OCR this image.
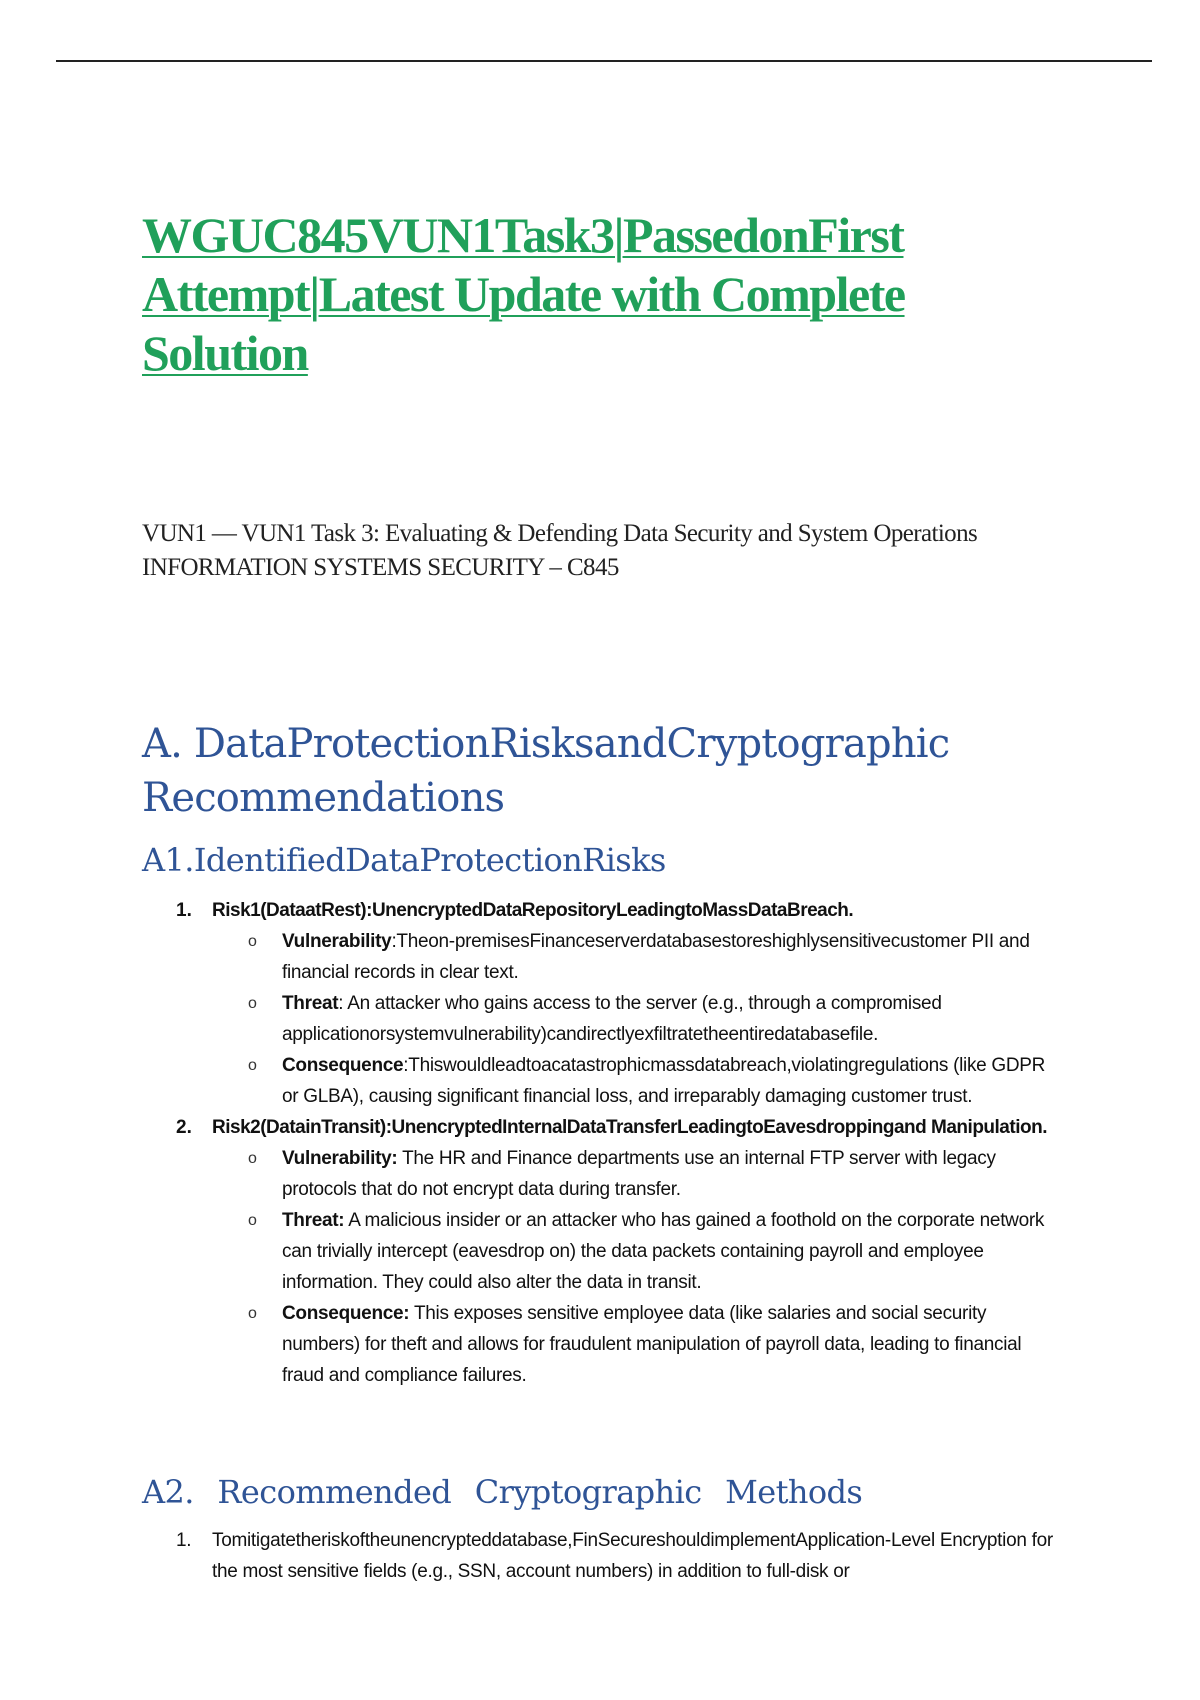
WGUC845VUN1Task3|PassedonFirst Attempt|Latest Update with Complete Solution
VUN1 — VUN1 Task 3: Evaluating & Defending Data Security and System Operations
INFORMATION SYSTEMS SECURITY – C845
A. DataProtectionRisksandCryptographic Recommendations
A1.IdentifiedDataProtectionRisks
1. Risk1(DataatRest):UnencryptedDataRepositoryLeadingtoMassDataBreach.
o Vulnerability:Theon-premisesFinanceserverdatabasestoreshighlysensitivecustomer PII and financial records in clear text.
o Threat: An attacker who gains access to the server (e.g., through a compromised applicationorsystemvulnerability)candirectlyexfiltratetheentiredatabasefile.
o Consequence:Thiswouldleadtoacatastrophicmassdatabreach,violatingregulations (like GDPR or GLBA), causing significant financial loss, and irreparably damaging customer trust.
2. Risk2(DatainTransit):UnencryptedInternalDataTransferLeadingtoEavesdroppingand Manipulation.
o Vulnerability: The HR and Finance departments use an internal FTP server with legacy protocols that do not encrypt data during transfer.
o Threat: A malicious insider or an attacker who has gained a foothold on the corporate network can trivially intercept (eavesdrop on) the data packets containing payroll and employee information. They could also alter the data in transit.
o Consequence: This exposes sensitive employee data (like salaries and social security numbers) for theft and allows for fraudulent manipulation of payroll data, leading to financial fraud and compliance failures.
A2. Recommended Cryptographic Methods
1. Tomitigatetheriskoftheunencrypteddatabase,FinSecureshouldimplementApplication-Level Encryption for the most sensitive fields (e.g., SSN, account numbers) in addition to full-disk or
